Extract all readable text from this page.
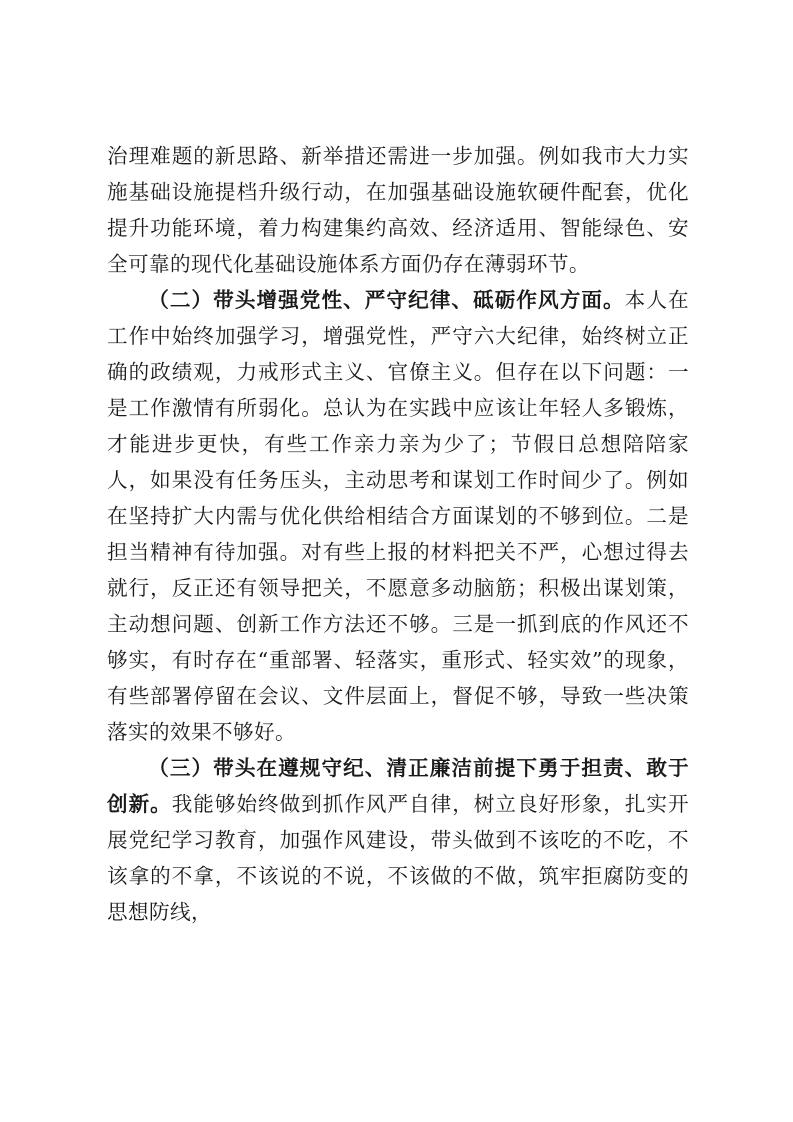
治理难题的新思路、新举措还需进一步加强。例如我市大力实施基础设施提档升级行动，在加强基础设施软硬件配套，优化提升功能环境，着力构建集约高效、经济适用、智能绿色、安全可靠的现代化基础设施体系方面仍存在薄弱环节。

（二）带头增强党性、严守纪律、砥砺作风方面。本人在工作中始终加强学习，增强党性，严守六大纪律，始终树立正确的政绩观，力戒形式主义、官僚主义。但存在以下问题：一是工作激情有所弱化。总认为在实践中应该让年轻人多锻炼，才能进步更快，有些工作亲力亲为少了；节假日总想陪陪家人，如果没有任务压头，主动思考和谋划工作时间少了。例如在坚持扩大内需与优化供给相结合方面谋划的不够到位。二是担当精神有待加强。对有些上报的材料把关不严，心想过得去就行，反正还有领导把关，不愿意多动脑筋；积极出谋划策，主动想问题、创新工作方法还不够。三是一抓到底的作风还不够实，有时存在“重部署、轻落实，重形式、轻实效”的现象，有些部署停留在会议、文件层面上，督促不够，导致一些决策落实的效果不够好。

（三）带头在遵规守纪、清正廉洁前提下勇于担责、敢于创新。我能够始终做到抓作风严自律，树立良好形象，扎实开展党纪学习教育，加强作风建设，带头做到不该吃的不吃，不该拿的不拿，不该说的不说，不该做的不做，筑牢拒腐防变的思想防线，
